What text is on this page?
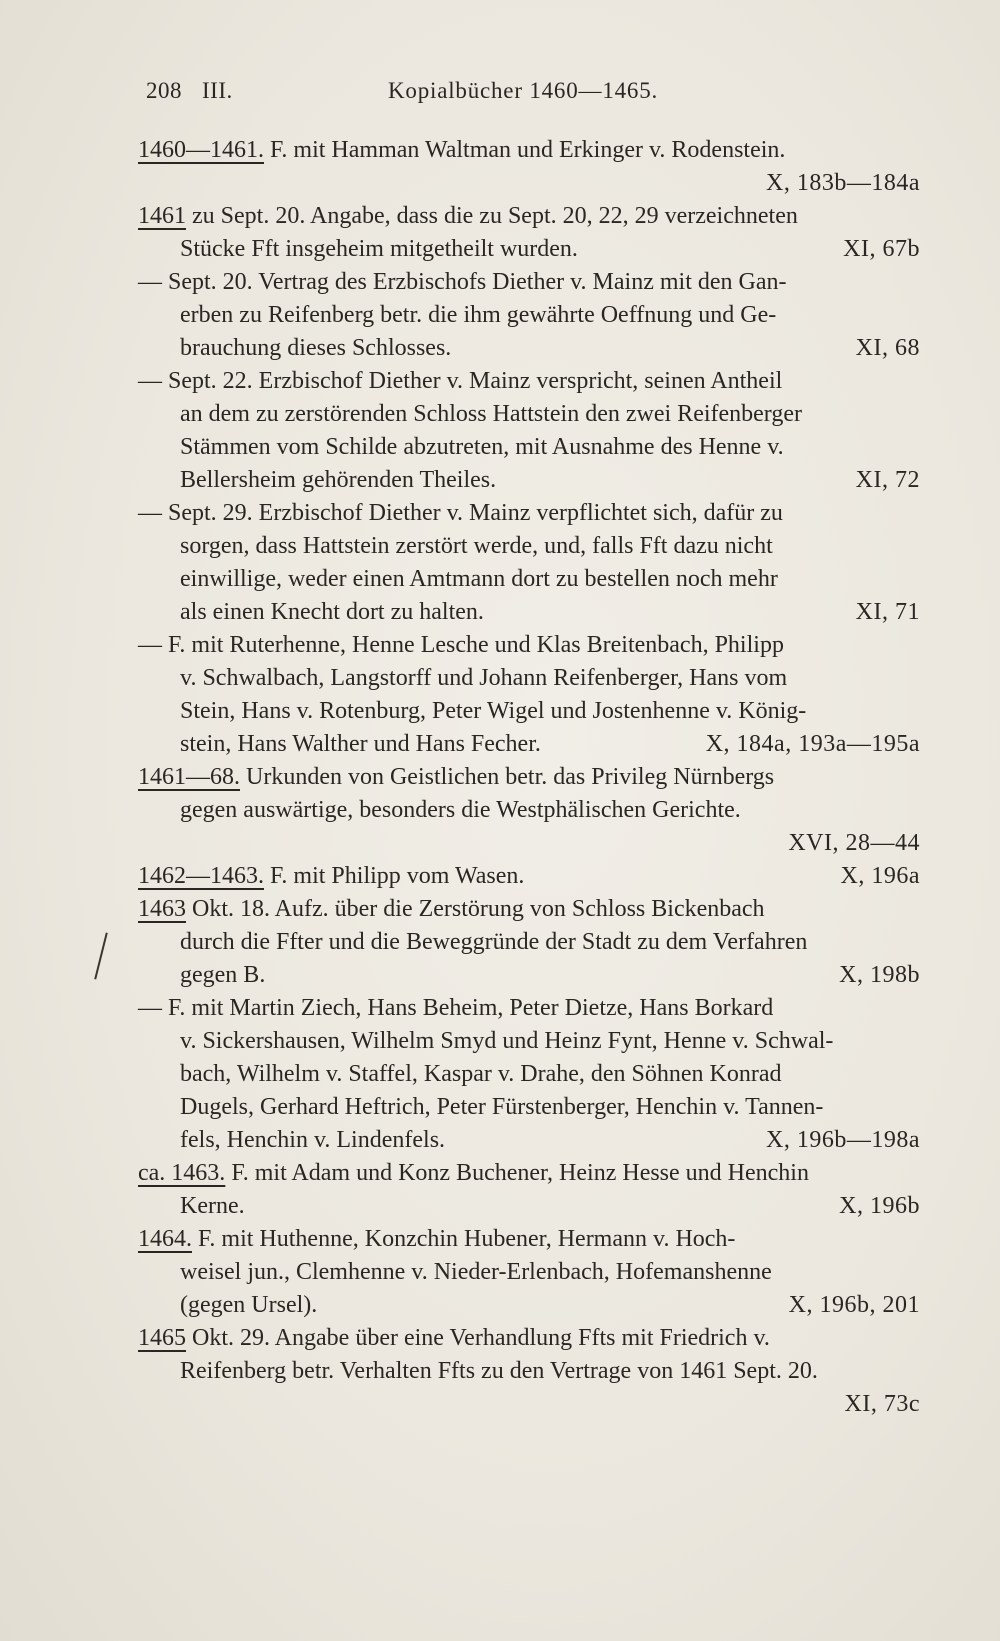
208 III.	Kopialbücher 1460—1465.
1460—1461. F. mit Hamman Waltman und Erkinger v. Rodenstein.
X, 183b—184a
1461 zu Sept. 20. Angabe, dass die zu Sept. 20, 22, 29 verzeichneten
Stücke Fft insgeheim mitgetheilt wurden.	XI, 67b
— Sept. 20. Vertrag des Erzbischofs Diether v. Mainz mit den Gan-
erben zu Reifenberg betr. die ihm gewährte Oeffnung und Ge-
brauchung dieses Schlosses.	XI, 68
— Sept. 22. Erzbischof Diether v. Mainz verspricht, seinen Antheil
an dem zu zerstörenden Schloss Hattstein den zwei Reifenberger
Stämmen vom Schilde abzutreten, mit Ausnahme des Henne v.
Bellersheim gehörenden Theiles.	XI, 72
— Sept. 29. Erzbischof Diether v. Mainz verpflichtet sich, dafür zu
sorgen, dass Hattstein zerstört werde, und, falls Fft dazu nicht
einwillige, weder einen Amtmann dort zu bestellen noch mehr
als einen Knecht dort zu halten.	XI, 71
— F. mit Ruterhenne, Henne Lesche und Klas Breitenbach, Philipp
v. Schwalbach, Langstorff und Johann Reifenberger, Hans vom
Stein, Hans v. Rotenburg, Peter Wigel und Jostenhenne v. König-
stein, Hans Walther und Hans Fecher.	X, 184a, 193a—195a
1461—68. Urkunden von Geistlichen betr. das Privileg Nürnbergs
gegen auswärtige, besonders die Westphälischen Gerichte.
XVI, 28—44
1462—1463. F. mit Philipp vom Wasen.	X, 196a
1463 Okt. 18. Aufz. über die Zerstörung von Schloss Bickenbach
durch die Ffter und die Beweggründe der Stadt zu dem Verfahren
gegen B.	X, 198b
— F. mit Martin Ziech, Hans Beheim, Peter Dietze, Hans Borkard
v. Sickershausen, Wilhelm Smyd und Heinz Fynt, Henne v. Schwal-
bach, Wilhelm v. Staffel, Kaspar v. Drahe, den Söhnen Konrad
Dugels, Gerhard Heftrich, Peter Fürstenberger, Henchin v. Tannen-
fels, Henchin v. Lindenfels.	X, 196b—198a
ca. 1463. F. mit Adam und Konz Buchener, Heinz Hesse und Henchin
Kerne.	X, 196b
1464. F. mit Huthenne, Konzchin Hubener, Hermann v. Hoch-
weisel jun., Clemhenne v. Nieder-Erlenbach, Hofemanshenne
(gegen Ursel).	X, 196b, 201
1465 Okt. 29. Angabe über eine Verhandlung Ffts mit Friedrich v.
Reifenberg betr. Verhalten Ffts zu den Vertrage von 1461 Sept. 20.
XI, 73c
